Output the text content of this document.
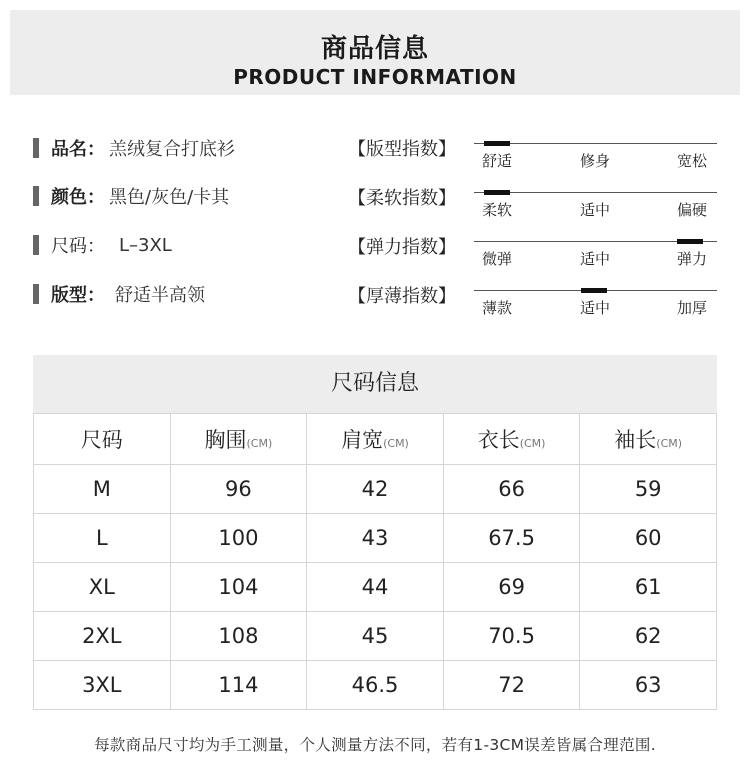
商品信息
PRODUCT INFORMATION
品名： 羔绒复合打底衫
颜色： 黑色/灰色/卡其
尺码： L–3XL
版型： 舒适半高领
【版型指数】
【柔软指数】
【弹力指数】
【厚薄指数】
舒适	修身	宽松
柔软	适中	偏硬
微弹	适中	弹力
薄款	适中	加厚
尺码信息
尺码	胸围(CM)	肩宽(CM)	衣长(CM)	袖长(CM)
M	96	42	66	59
L	100	43	67.5	60
XL	104	44	69	61
2XL	108	45	70.5	62
3XL	114	46.5	72	63
每款商品尺寸均为手工测量，个人测量方法不同，若有1-3CM误差皆属合理范围.
